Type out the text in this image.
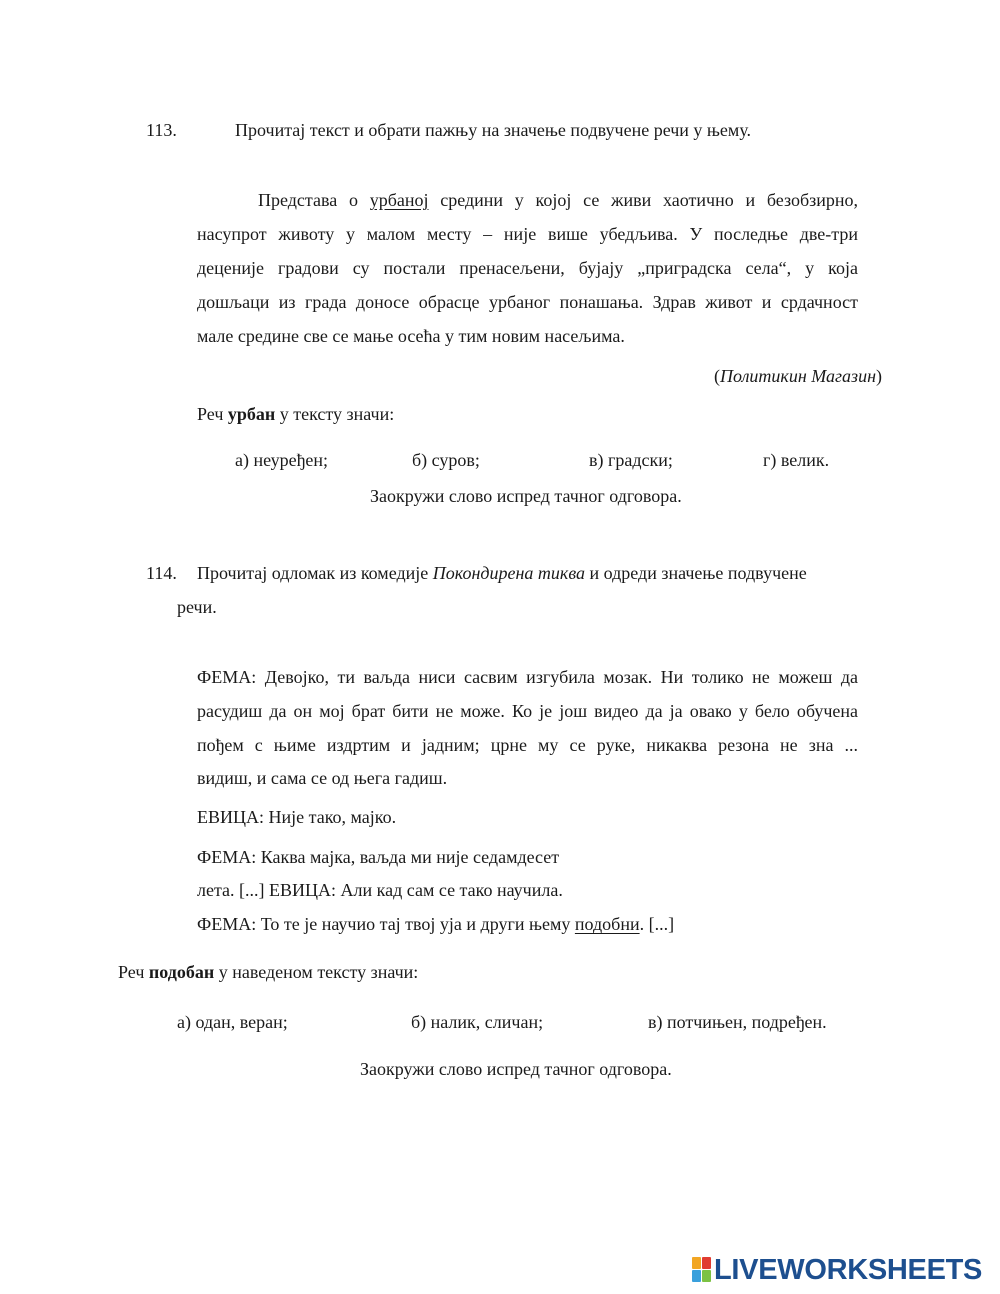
113.	Прочитај текст и обрати пажњу на значење подвучене речи у њему.
Представа о урбаној средини у којој се живи хаотично и безобзирно,
насупрот животу у малом месту – није више убедљива. У последње две-три
деценије градови су постали пренасељени, бујају „приградска села“, у која
дошљаци из града доносе обрасце урбаног понашања. Здрав живот и срдачност
мале средине све се мање осећа у тим новим насељима.
(Политикин Магазин)
Реч урбан у тексту значи:
а) неуређен;	б) суров;	в) градски;	г) велик.
Заокружи слово испред тачног одговора.
114. Прочитај одломак из комедије Покондирена тиква и одреди значење подвучене
речи.
ФЕМА: Девојко, ти ваљда ниси сасвим изгубила мозак. Ни толико не можеш да
расудиш да он мој брат бити не може. Ко је још видео да ја овако у бело обучена
пођем с њиме издртим и јадним; црне му се руке, никаква резона не зна ...
видиш, и сама се од њега гадиш.
ЕВИЦА: Није тако, мајко.
ФЕМА: Каква мајка, ваљда ми није седамдесет
лета. [...] ЕВИЦА: Али кад сам се тако научила.
ФЕМА: То те је научио тај твој ујa и други њему подобни. [...]
Реч подобан у наведеном тексту значи:
а) одан, веран;	б) налик, сличан;	в) потчињен, подређен.
Заокружи слово испред тачног одговора.
LIVEWORKSHEETS
